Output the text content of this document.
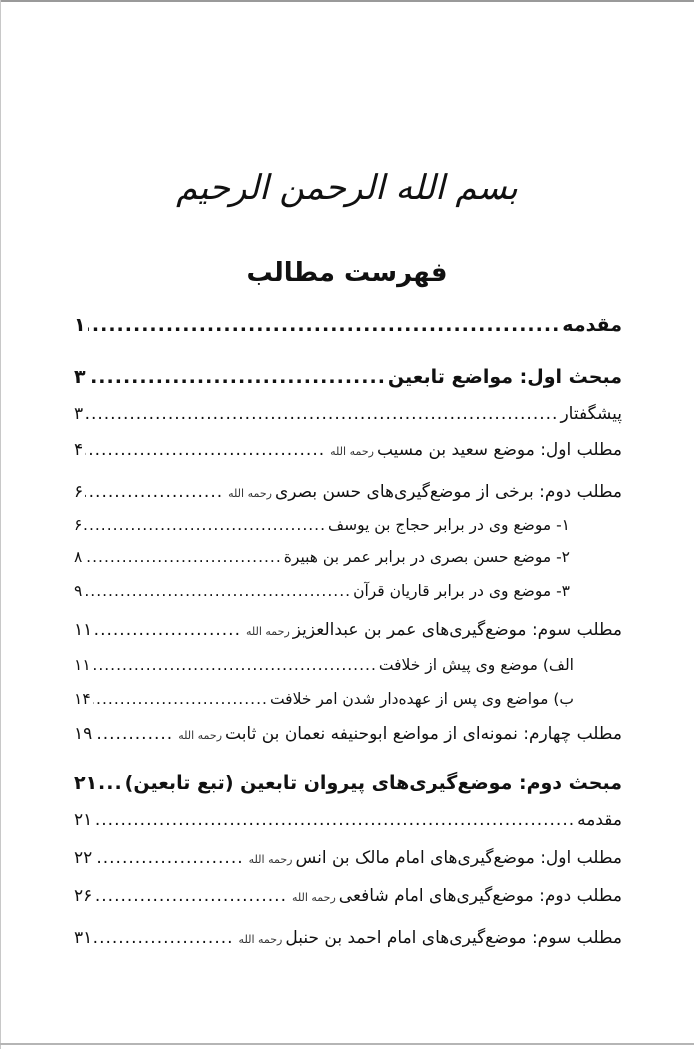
بسم الله الرحمن الرحيم
فهرست مطالب
مقدمه
.....
۱
مبحث اول: مواضع تابعین
.....
۳
پیشگفتار
.....
۳
مطلب اول: موضع سعید بن مسیب
رحمه الله
.....
۴
مطلب دوم: برخی از موضع‌گیری‌های حسن بصری
رحمه الله
.....
۶
۱- موضع وی در برابر حجاج بن یوسف
.....
۶
۲- موضع حسن بصری در برابر عمر بن هبیرة
.....
۸
۳- موضع وی در برابر قاریان قرآن
.....
۹
مطلب سوم: موضع‌گیری‌های عمر بن عبدالعزیز
رحمه الله
.....
۱۱
الف) موضع وی پیش از خلافت
.....
۱۱
ب) مواضع وی پس از عهده‌دار شدن امر خلافت
.....
۱۴
مطلب چهارم: نمونه‌ای از مواضع ابوحنیفه نعمان بن ثابت
رحمه الله
.....
۱۹
مبحث دوم: موضع‌گیری‌های پیروان تابعین (تبع تابعین)
.....
۲۱
مقدمه
.....
۲۱
مطلب اول: موضع‌گیری‌های امام مالک بن انس
رحمه الله
.....
۲۲
مطلب دوم: موضع‌گیری‌های امام شافعی
رحمه الله
.....
۲۶
مطلب سوم: موضع‌گیری‌های امام احمد بن حنبل
رحمه الله
.....
۳۱
